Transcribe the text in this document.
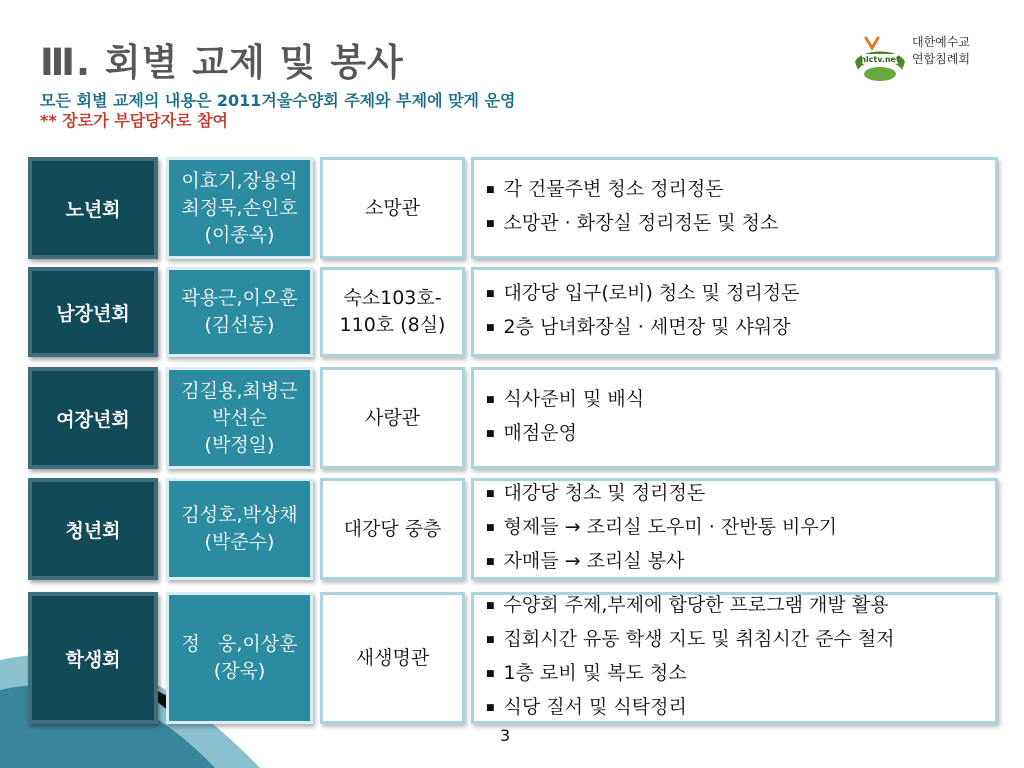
Ⅲ. 회별 교제 및 봉사
모든 회별 교제의 내용은 2011겨울수양회 주제와 부제에 맞게 운영
** 장로가 부담당자로 참여
nlctv.net
대한예수교
연합침례회
노년회
이효기,장용익
최정묵,손인호
(이종옥)
소망관
■ 각 건물주변 청소 정리정돈
■ 소망관 · 화장실 정리정돈 및 청소
남장년회
곽용근,이오훈
(김선동)
숙소103호-
110호 (8실)
■ 대강당 입구(로비) 청소 및 정리정돈
■ 2층 남녀화장실 · 세면장 및 샤워장
여장년회
김길용,최병근
박선순
(박정일)
사랑관
■ 식사준비 및 배식
■ 매점운영
청년회
김성호,박상채
(박준수)
대강당 중층
■ 대강당 청소 및 정리정돈
■ 형제들 → 조리실 도우미 · 잔반통 비우기
■ 자매들 → 조리실 봉사
학생회
정   웅,이상훈
(장욱)
새생명관
■ 수양회 주제,부제에 합당한 프로그램 개발 활용
■ 집회시간 유동 학생 지도 및 취침시간 준수 철저
■ 1층 로비 및 복도 청소
■ 식당 질서 및 식탁정리
3
